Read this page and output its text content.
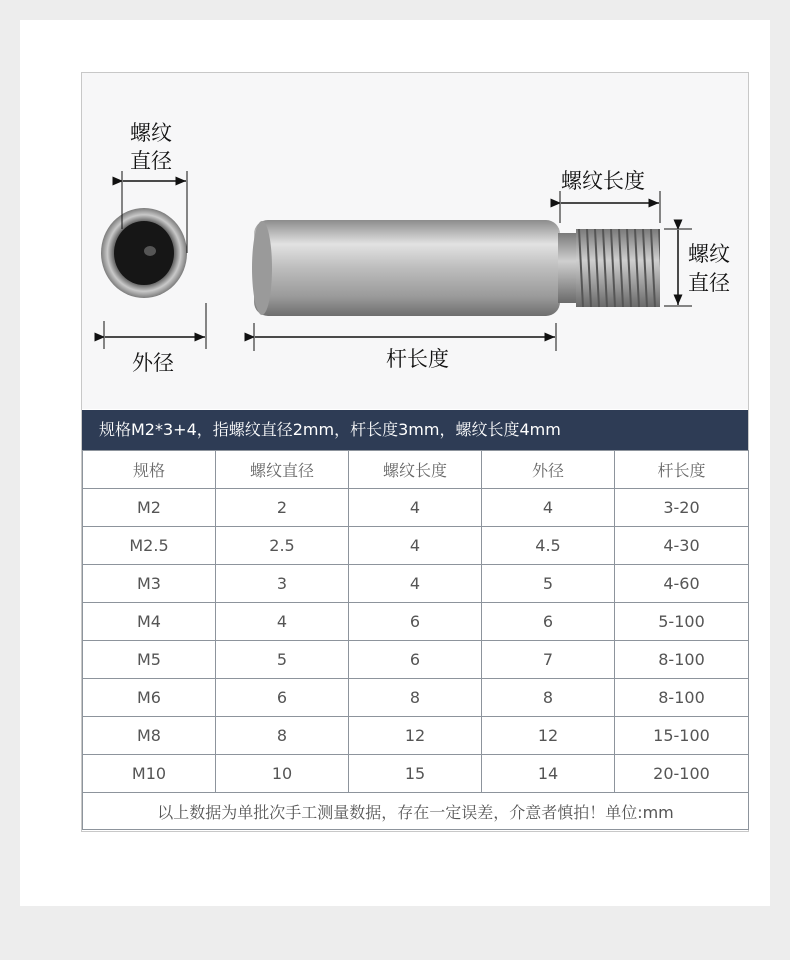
螺纹
直径
外径	杆长度
螺纹长度
螺纹
直径
规格M2*3+4，指螺纹直径2mm，杆长度3mm，螺纹长度4mm
规格	螺纹直径	螺纹长度	外径	杆长度
M2	2	4	4	3-20
M2.5	2.5	4	4.5	4-30
M3	3	4	5	4-60
M4	4	6	6	5-100
M5	5	6	7	8-100
M6	6	8	8	8-100
M8	8	12	12	15-100
M10	10	15	14	20-100
以上数据为单批次手工测量数据，存在一定误差，介意者慎拍！单位:mm				
